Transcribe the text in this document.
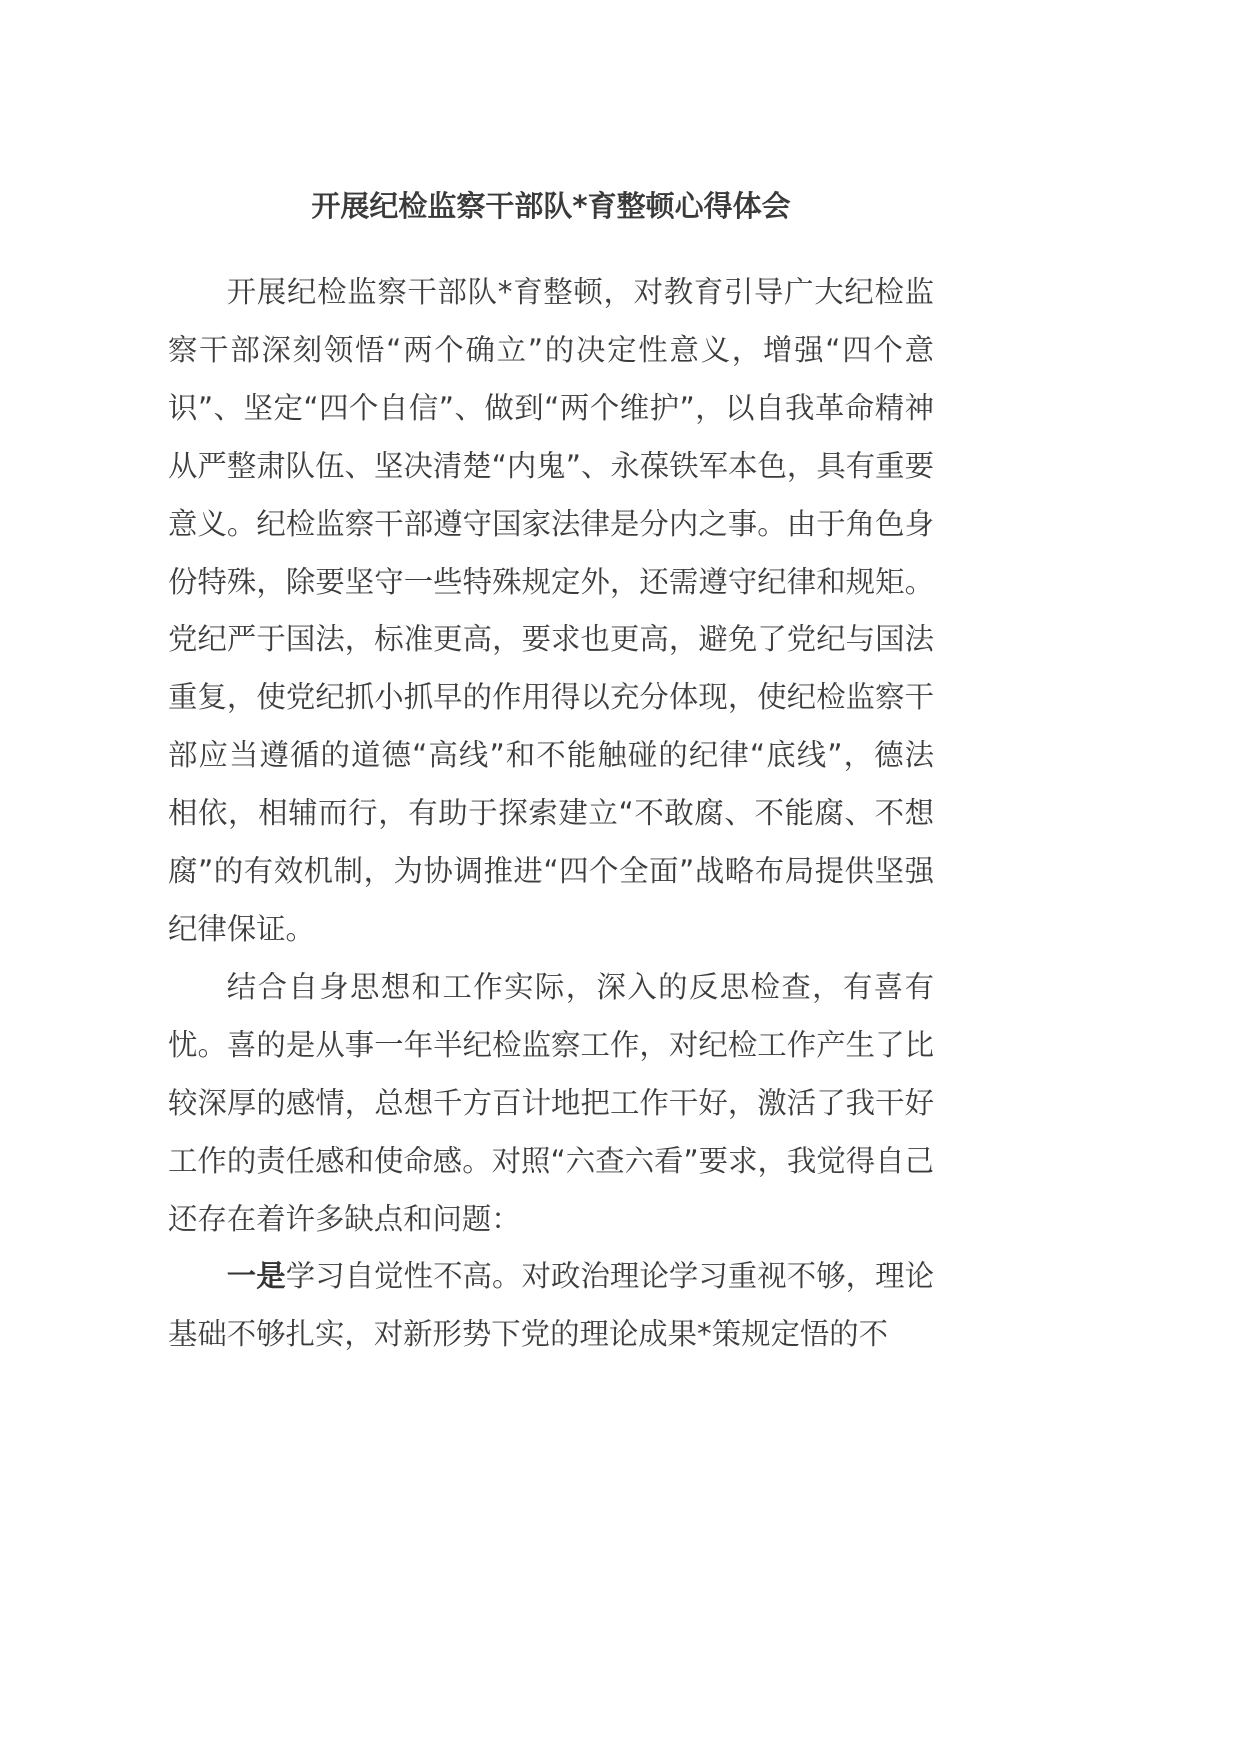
开展纪检监察干部队*育整顿心得体会

开展纪检监察干部队*育整顿，对教育引导广大纪检监察干部深刻领悟“两个确立”的决定性意义，增强“四个意识”、坚定“四个自信”、做到“两个维护”，以自我革命精神从严整肃队伍、坚决清楚“内鬼”、永葆铁军本色，具有重要意义。纪检监察干部遵守国家法律是分内之事。由于角色身份特殊，除要坚守一些特殊规定外，还需遵守纪律和规矩。党纪严于国法，标准更高，要求也更高，避免了党纪与国法重复，使党纪抓小抓早的作用得以充分体现，使纪检监察干部应当遵循的道德“高线”和不能触碰的纪律“底线”，德法相依，相辅而行，有助于探索建立“不敢腐、不能腐、不想腐”的有效机制，为协调推进“四个全面”战略布局提供坚强纪律保证。

结合自身思想和工作实际，深入的反思检查，有喜有忧。喜的是从事一年半纪检监察工作，对纪检工作产生了比较深厚的感情，总想千方百计地把工作干好，激活了我干好工作的责任感和使命感。对照“六查六看”要求，我觉得自己还存在着许多缺点和问题：

一是学习自觉性不高。对政治理论学习重视不够，理论基础不够扎实，对新形势下党的理论成果*策规定悟的不
